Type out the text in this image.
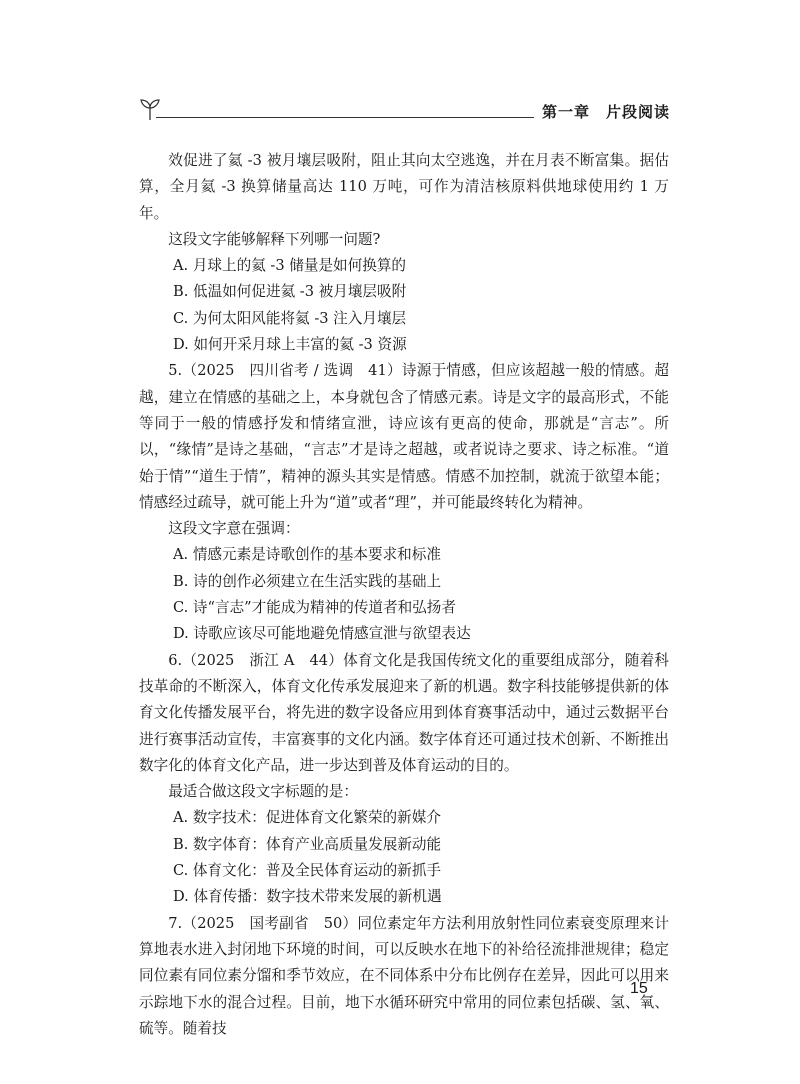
第一章　片段阅读

效促进了氦 -3 被月壤层吸附，阻止其向太空逃逸，并在月表不断富集。据估算，全月氦 -3 换算储量高达 110 万吨，可作为清洁核原料供地球使用约 1 万年。

这段文字能够解释下列哪一问题?

A. 月球上的氦 -3 储量是如何换算的

B. 低温如何促进氦 -3 被月壤层吸附

C. 为何太阳风能将氦 -3 注入月壤层

D. 如何开采月球上丰富的氦 -3 资源

5.（2025　四川省考 / 选调　41）诗源于情感，但应该超越一般的情感。超越，建立在情感的基础之上，本身就包含了情感元素。诗是文字的最高形式，不能等同于一般的情感抒发和情绪宣泄，诗应该有更高的使命，那就是“言志”。所以，“缘情”是诗之基础，“言志”才是诗之超越，或者说诗之要求、诗之标准。“道始于情”“道生于情”，精神的源头其实是情感。情感不加控制，就流于欲望本能；情感经过疏导，就可能上升为“道”或者“理”，并可能最终转化为精神。

这段文字意在强调：

A. 情感元素是诗歌创作的基本要求和标准

B. 诗的创作必须建立在生活实践的基础上

C. 诗“言志”才能成为精神的传道者和弘扬者

D. 诗歌应该尽可能地避免情感宣泄与欲望表达

6.（2025　浙江 A　44）体育文化是我国传统文化的重要组成部分，随着科技革命的不断深入，体育文化传承发展迎来了新的机遇。数字科技能够提供新的体育文化传播发展平台，将先进的数字设备应用到体育赛事活动中，通过云数据平台进行赛事活动宣传，丰富赛事的文化内涵。数字体育还可通过技术创新、不断推出数字化的体育文化产品，进一步达到普及体育运动的目的。

最适合做这段文字标题的是：

A. 数字技术：促进体育文化繁荣的新媒介

B. 数字体育：体育产业高质量发展新动能

C. 体育文化：普及全民体育运动的新抓手

D. 体育传播：数字技术带来发展的新机遇

7.（2025　国考副省　50）同位素定年方法利用放射性同位素衰变原理来计算地表水进入封闭地下环境的时间，可以反映水在地下的补给径流排泄规律；稳定同位素有同位素分馏和季节效应，在不同体系中分布比例存在差异，因此可以用来示踪地下水的混合过程。目前，地下水循环研究中常用的同位素包括碳、氢、氧、硫等。随着技

15
